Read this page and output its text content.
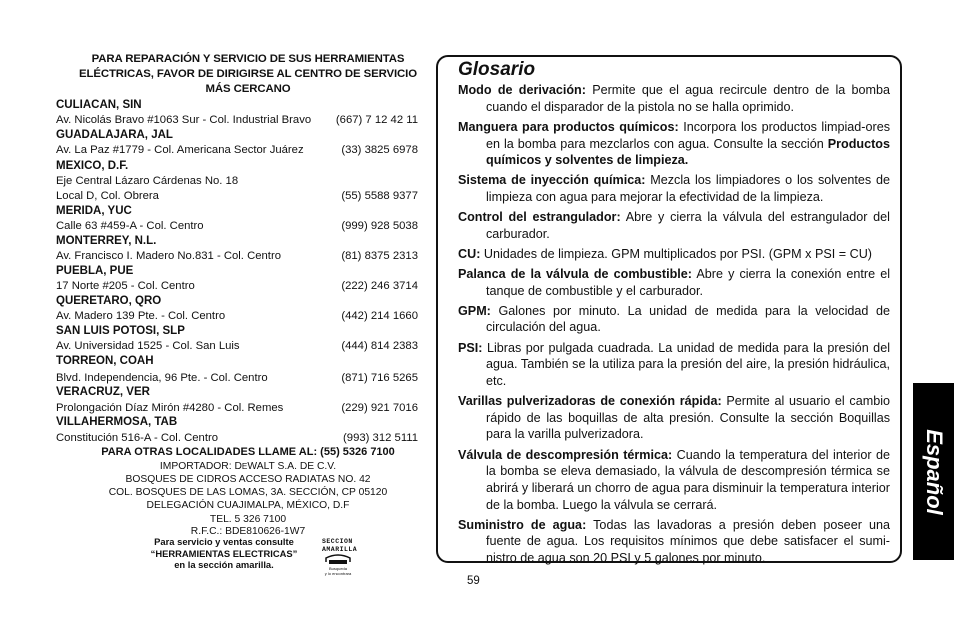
PARA REPARACIÓN Y SERVICIO DE SUS HERRAMIENTAS
ELÉCTRICAS, FAVOR DE DIRIGIRSE AL CENTRO DE SERVICIO
MÁS CERCANO
CULIACAN, SIN
Av. Nicolás Bravo #1063 Sur - Col. Industrial Bravo (667) 7 12 42 11
GUADALAJARA, JAL
Av. La Paz #1779 - Col. Americana Sector Juárez	(33) 3825 6978
MEXICO, D.F.
Eje Central Lázaro Cárdenas No. 18
Local D, Col. Obrera	(55) 5588 9377
MERIDA, YUC
Calle 63 #459-A - Col. Centro	(999) 928 5038
MONTERREY, N.L.
Av. Francisco I. Madero No.831 - Col. Centro	(81) 8375 2313
PUEBLA, PUE
17 Norte #205 - Col. Centro	(222) 246 3714
QUERETARO, QRO
Av. Madero 139 Pte. - Col. Centro	(442) 214 1660
SAN LUIS POTOSI, SLP
Av. Universidad 1525 - Col. San Luis	(444) 814 2383
TORREON, COAH
Blvd. Independencia, 96 Pte. - Col. Centro	(871) 716 5265
VERACRUZ, VER
Prolongación Díaz Mirón #4280 - Col. Remes	(229) 921 7016
VILLAHERMOSA, TAB
Constitución 516-A - Col. Centro	(993) 312 5111
PARA OTRAS LOCALIDADES LLAME AL: (55) 5326 7100
IMPORTADOR: DEWALT S.A. DE C.V.
BOSQUES DE CIDROS ACCESO RADIATAS NO. 42
COL. BOSQUES DE LAS LOMAS, 3A. SECCIÓN, CP 05120
DELEGACIÓN CUAJIMALPA, MÉXICO, D.F
TEL. 5 326 7100
R.F.C.: BDE810626-1W7
Para servicio y ventas consulte
“HERRAMIENTAS ELECTRICAS”
en la sección amarilla.
SECCION
AMARILLA
Busqueda
y lo encontrara
Glosario

Modo de derivación: Permite que el agua recircule dentro de la bomba cuando el disparador de la pistola no se halla oprimido.

Manguera para productos químicos: Incorpora los productos limpiad-ores en la bomba para mezclarlos con agua. Consulte la sección Productos químicos y solventes de limpieza.

Sistema de inyección química: Mezcla los limpiadores o los solventes de limpieza con agua para mejorar la efectividad de la limpieza.

Control del estrangulador: Abre y cierra la válvula del estrangulador del carburador.

CU: Unidades de limpieza. GPM multiplicados por PSI. (GPM x PSI = CU)

Palanca de la válvula de combustible: Abre y cierra la conexión entre el tanque de combustible y el carburador.

GPM: Galones por minuto. La unidad de medida para la velocidad de circulación del agua.

PSI: Libras por pulgada cuadrada. La unidad de medida para la presión del agua. También se la utiliza para la presión del aire, la presión hidráulica, etc.

Varillas pulverizadoras de conexión rápida: Permite al usuario el cambio rápido de las boquillas de alta presión. Consulte la sección Boquillas para la varilla pulverizadora.

Válvula de descompresión térmica: Cuando la temperatura del interior de la bomba se eleva demasiado, la válvula de descompresión térmica se abrirá y liberará un chorro de agua para disminuir la temperatura interior de la bomba. Luego la válvula se cerrará.

Suministro de agua: Todas las lavadoras a presión deben poseer una fuente de agua. Los requisitos mínimos que debe satisfacer el sumi-nistro de agua son 20 PSI y 5 galones por minuto.

Español
59
